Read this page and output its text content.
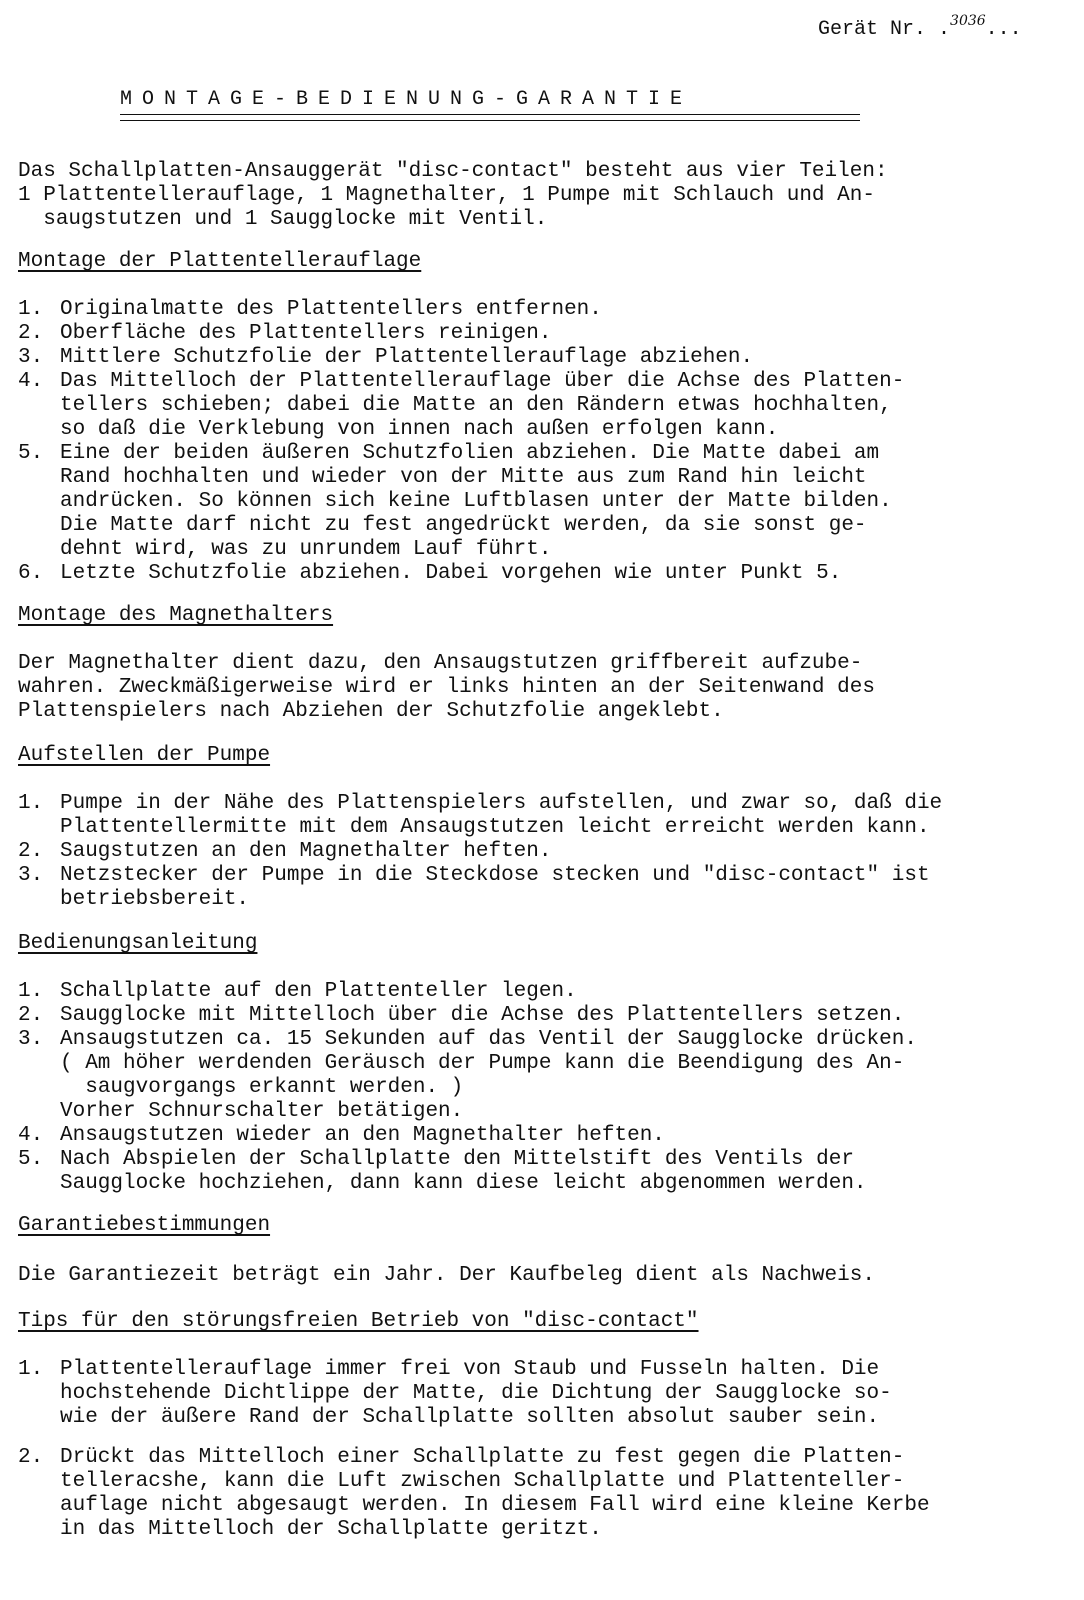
Gerät Nr. .$^{3036}$...
MONTAGE-BEDIENUNG-GARANTIE

Das Schallplatten-Ansauggerät "disc-contact" besteht aus vier Teilen:
1 Plattentellerauflage, 1 Magnethalter, 1 Pumpe mit Schlauch und An-
saugstutzen und 1 Saugglocke mit Ventil.

Montage der Plattentellerauflage
1. Originalmatte des Plattentellers entfernen.
2. Oberfläche des Plattentellers reinigen.
3. Mittlere Schutzfolie der Plattentellerauflage abziehen.
4. Das Mittelloch der Plattentellerauflage über die Achse des Platten-
tellers schieben; dabei die Matte an den Rändern etwas hochhalten,
so daß die Verklebung von innen nach außen erfolgen kann.
5. Eine der beiden äußeren Schutzfolien abziehen. Die Matte dabei am
Rand hochhalten und wieder von der Mitte aus zum Rand hin leicht
andrücken. So können sich keine Luftblasen unter der Matte bilden.
Die Matte darf nicht zu fest angedrückt werden, da sie sonst ge-
dehnt wird, was zu unrundem Lauf führt.
6. Letzte Schutzfolie abziehen. Dabei vorgehen wie unter Punkt 5.
Montage des Magnethalters

Der Magnethalter dient dazu, den Ansaugstutzen griffbereit aufzube-
wahren. Zweckmäßigerweise wird er links hinten an der Seitenwand des
Plattenspielers nach Abziehen der Schutzfolie angeklebt.

Aufstellen der Pumpe
1. Pumpe in der Nähe des Plattenspielers aufstellen, und zwar so, daß die
Plattentellermitte mit dem Ansaugstutzen leicht erreicht werden kann.
2. Saugstutzen an den Magnethalter heften.
3. Netzstecker der Pumpe in die Steckdose stecken und "disc-contact" ist
betriebsbereit.
Bedienungsanleitung
1. Schallplatte auf den Plattenteller legen.
2. Saugglocke mit Mittelloch über die Achse des Plattentellers setzen.
3. Ansaugstutzen ca. 15 Sekunden auf das Ventil der Saugglocke drücken.
( Am höher werdenden Geräusch der Pumpe kann die Beendigung des An-
saugvorgangs erkannt werden. )
Vorher Schnurschalter betätigen.
4. Ansaugstutzen wieder an den Magnethalter heften.
5. Nach Abspielen der Schallplatte den Mittelstift des Ventils der
Saugglocke hochziehen, dann kann diese leicht abgenommen werden.
Garantiebestimmungen

Die Garantiezeit beträgt ein Jahr. Der Kaufbeleg dient als Nachweis.

Tips für den störungsfreien Betrieb von "disc-contact"
1. Plattentellerauflage immer frei von Staub und Fusseln halten. Die
hochstehende Dichtlippe der Matte, die Dichtung der Saugglocke so-
wie der äußere Rand der Schallplatte sollten absolut sauber sein.
2. Drückt das Mittelloch einer Schallplatte zu fest gegen die Platten-
telleracshe, kann die Luft zwischen Schallplatte und Plattenteller-
auflage nicht abgesaugt werden. In diesem Fall wird eine kleine Kerbe
in das Mittelloch der Schallplatte geritzt.
